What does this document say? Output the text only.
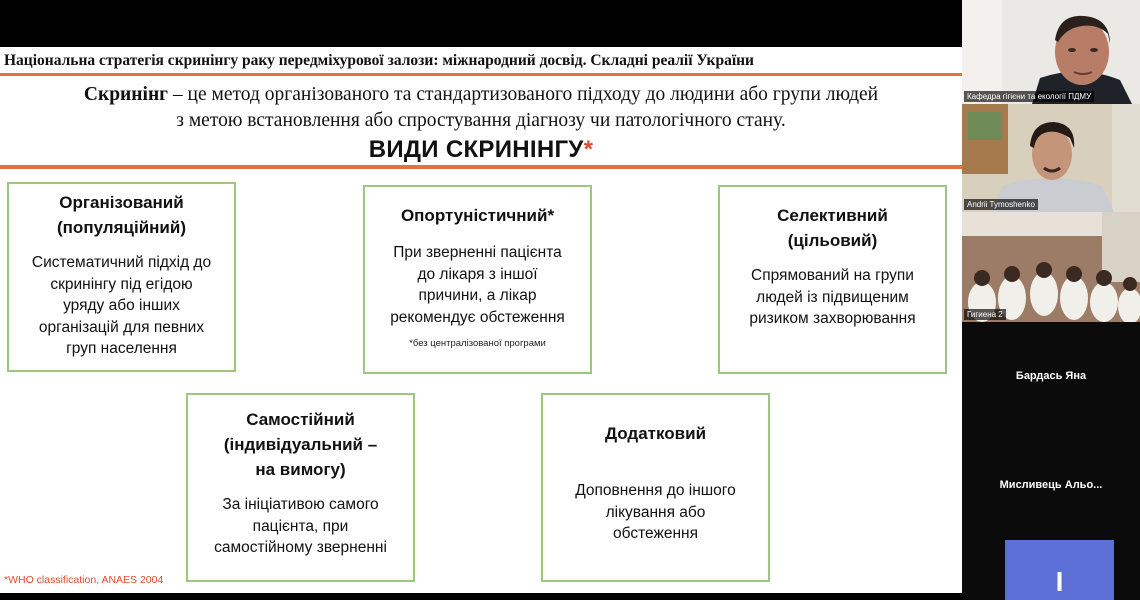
Національна стратегія скринінгу раку передміхурової залози: міжнародний досвід. Складні реалії України
Скринінг – це метод організованого та стандартизованого підходу до людини або групи людей
з метою встановлення або спростування діагнозу чи патологічного стану.
ВИДИ СКРИНІНГУ*
Організований
(популяційний)
Систематичний підхід до
скринінгу під егідою
уряду або інших
організацій для певних
груп населення
Опортуністичний*
При зверненні пацієнта
до лікаря з іншої
причини, а лікар
рекомендує обстеження
*без централізованої програми
Селективний
(цільовий)
Спрямований на групи
людей із підвищеним
ризиком захворювання
Самостійний
(індивідуальний –
на вимогу)
За ініціативою самого
пацієнта, при
самостійному зверненні
Додатковий
Доповнення до іншого
лікування або
обстеження
*WHO classification, ANAES 2004
Кафедра гігієни та екології ПДМУ
Andrii Tymoshenko
Гигиена 2
Бардась Яна
Мисливець Альо...
І
